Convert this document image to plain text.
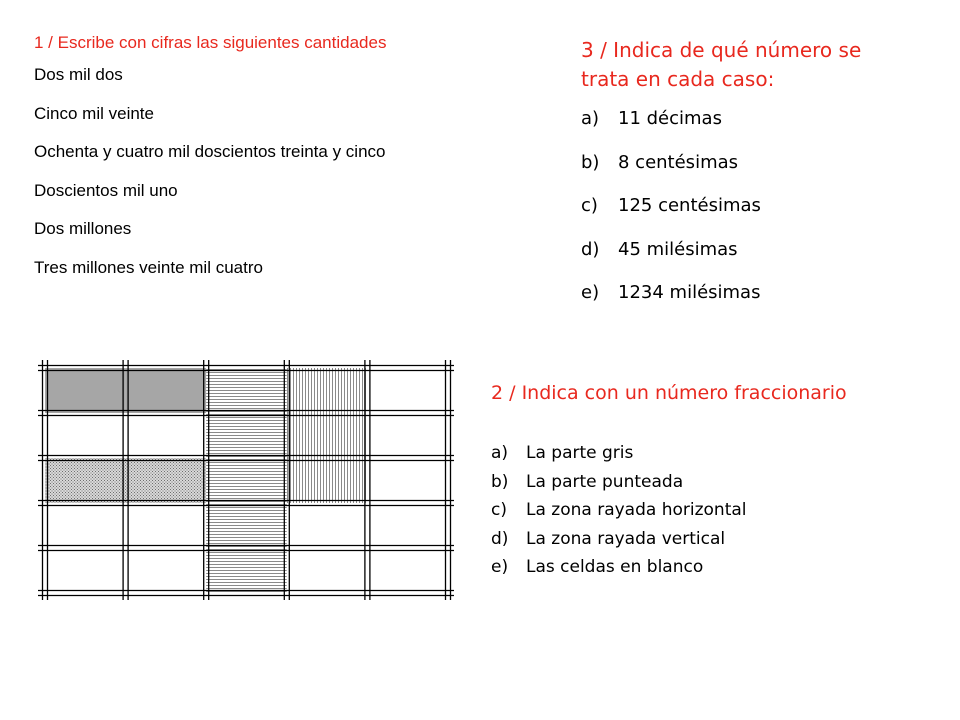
1 / Escribe con cifras las siguientes cantidades
Dos mil dos
Cinco mil veinte
Ochenta y cuatro mil doscientos treinta y cinco
Doscientos mil uno
Dos millones
Tres millones veinte mil cuatro
3 / Indica de qué número se trata en cada caso:
a)	11 décimas
b)	8 centésimas
c)	125 centésimas
d)	45 milésimas
e)	1234 milésimas
2 / Indica con un número fraccionario
a)	La parte gris
b)	La parte punteada
c)	La zona rayada horizontal
d)	La zona rayada vertical
e)	Las celdas en blanco
